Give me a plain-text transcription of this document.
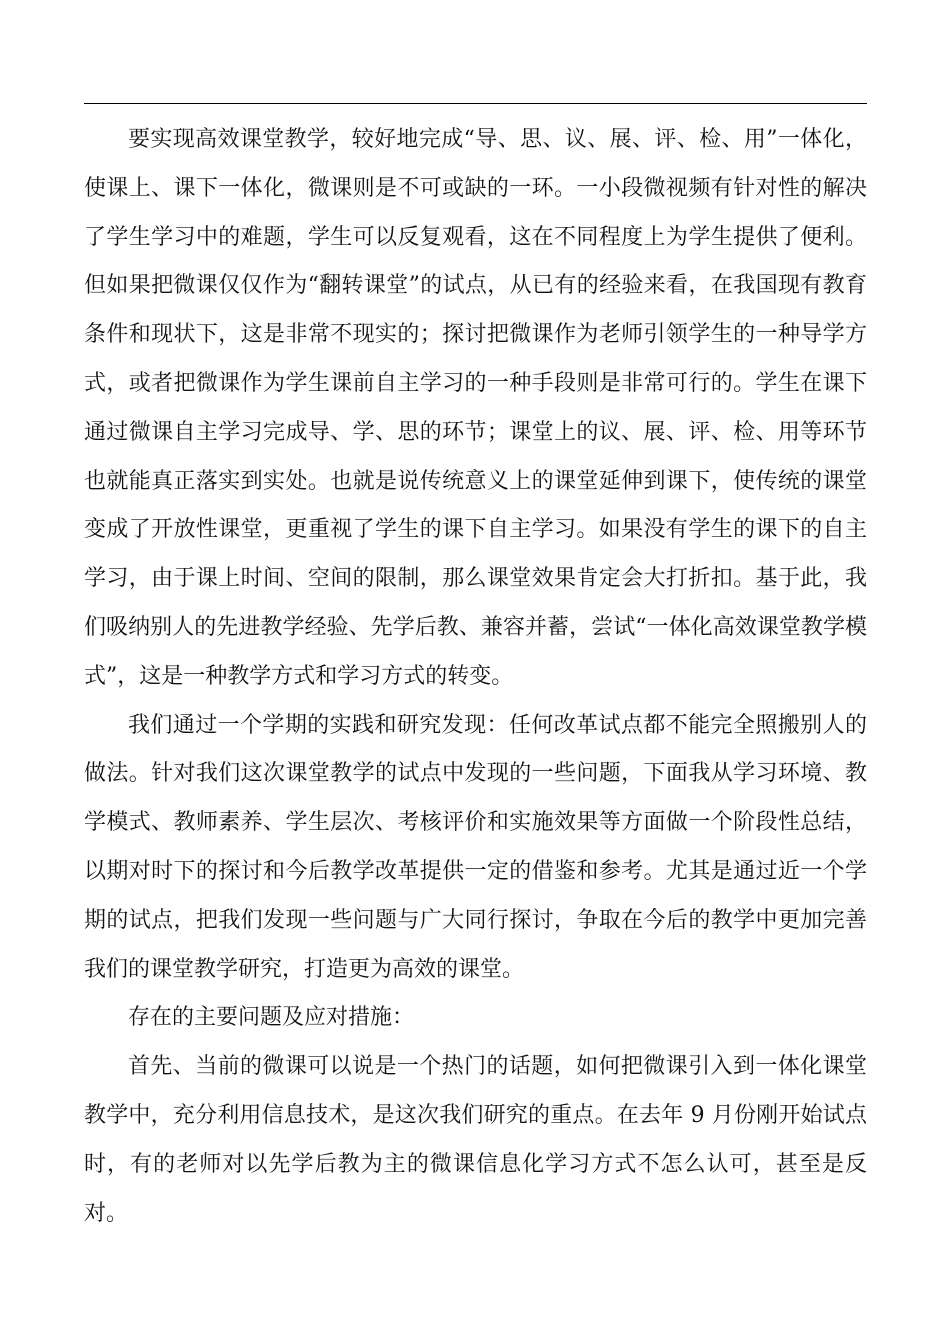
要实现高效课堂教学，较好地完成“导、思、议、展、评、检、用”一体化，使课上、课下一体化，微课则是不可或缺的一环。一小段微视频有针对性的解决了学生学习中的难题，学生可以反复观看，这在不同程度上为学生提供了便利。但如果把微课仅仅作为“翻转课堂”的试点，从已有的经验来看，在我国现有教育条件和现状下，这是非常不现实的；探讨把微课作为老师引领学生的一种导学方式，或者把微课作为学生课前自主学习的一种手段则是非常可行的。学生在课下通过微课自主学习完成导、学、思的环节；课堂上的议、展、评、检、用等环节也就能真正落实到实处。也就是说传统意义上的课堂延伸到课下，使传统的课堂变成了开放性课堂，更重视了学生的课下自主学习。如果没有学生的课下的自主学习，由于课上时间、空间的限制，那么课堂效果肯定会大打折扣。基于此，我们吸纳别人的先进教学经验、先学后教、兼容并蓄，尝试“一体化高效课堂教学模式”，这是一种教学方式和学习方式的转变。

我们通过一个学期的实践和研究发现：任何改革试点都不能完全照搬别人的做法。针对我们这次课堂教学的试点中发现的一些问题，下面我从学习环境、教学模式、教师素养、学生层次、考核评价和实施效果等方面做一个阶段性总结，以期对时下的探讨和今后教学改革提供一定的借鉴和参考。尤其是通过近一个学期的试点，把我们发现一些问题与广大同行探讨，争取在今后的教学中更加完善我们的课堂教学研究，打造更为高效的课堂。

存在的主要问题及应对措施：

首先、当前的微课可以说是一个热门的话题，如何把微课引入到一体化课堂教学中，充分利用信息技术，是这次我们研究的重点。在去年 9 月份刚开始试点时，有的老师对以先学后教为主的微课信息化学习方式不怎么认可，甚至是反对。
